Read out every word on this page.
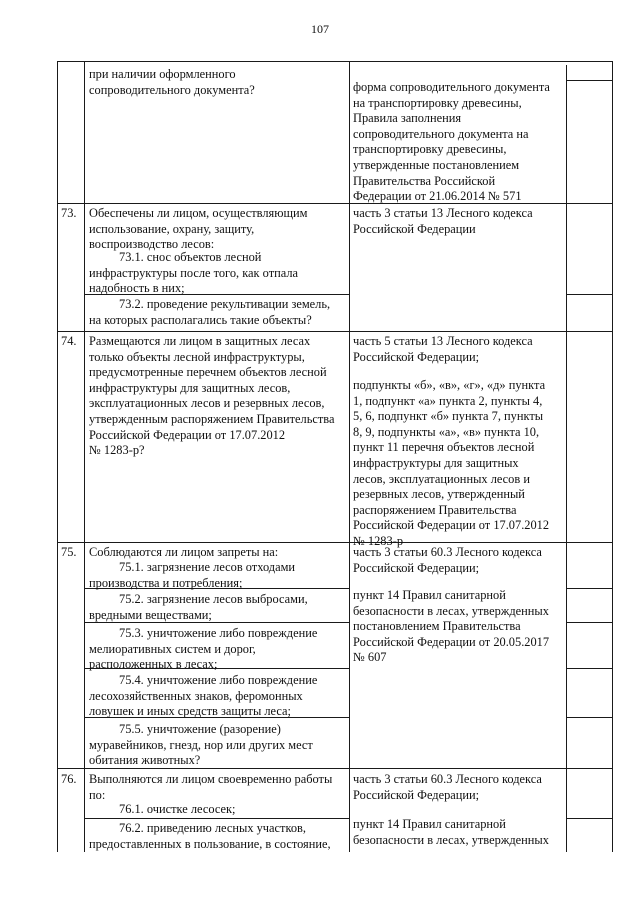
107
при наличии оформленного
сопроводительного документа?	форма сопроводительного документа
на транспортировку древесины,
Правила заполнения
сопроводительного документа на
транспортировку древесины,
утвержденные постановлением
Правительства Российской
Федерации от 21.06.2014 № 571
73. Обеспечены ли лицом, осуществляющим
использование, охрану, защиту,
воспроизводство лесов:
73.1. снос объектов лесной
инфраструктуры после того, как отпала
надобность в них;
73.2. проведение рекультивации земель,
на которых располагались такие объекты?
часть 3 статьи 13 Лесного кодекса
Российской Федерации
74. Размещаются ли лицом в защитных лесах
только объекты лесной инфраструктуры,
предусмотренные перечнем объектов лесной
инфраструктуры для защитных лесов,
эксплуатационных лесов и резервных лесов,
утвержденным распоряжением Правительства
Российской Федерации от 17.07.2012
№ 1283-р?
часть 5 статьи 13 Лесного кодекса
Российской Федерации;
подпункты «б», «в», «г», «д» пункта
1, подпункт «а» пункта 2, пункты 4,
5, 6, подпункт «б» пункта 7, пункты
8, 9, подпункты «а», «в» пункта 10,
пункт 11 перечня объектов лесной
инфраструктуры для защитных
лесов, эксплуатационных лесов и
резервных лесов, утвержденный
распоряжением Правительства
Российской Федерации от 17.07.2012
№ 1283-р
75. Соблюдаются ли лицом запреты на:
75.1. загрязнение лесов отходами
производства и потребления;
75.2. загрязнение лесов выбросами,
вредными веществами;
75.3. уничтожение либо повреждение
мелиоративных систем и дорог,
расположенных в лесах;
75.4. уничтожение либо повреждение
лесохозяйственных знаков, феромонных
ловушек и иных средств защиты леса;
75.5. уничтожение (разорение)
муравейников, гнезд, нор или других мест
обитания животных?
часть 3 статьи 60.3 Лесного кодекса
Российской Федерации;
пункт 14 Правил санитарной
безопасности в лесах, утвержденных
постановлением Правительства
Российской Федерации от 20.05.2017
№ 607
76. Выполняются ли лицом своевременно работы
по:
76.1. очистке лесосек;
76.2. приведению лесных участков,
предоставленных в пользование, в состояние,
часть 3 статьи 60.3 Лесного кодекса
Российской Федерации;
пункт 14 Правил санитарной
безопасности в лесах, утвержденных
